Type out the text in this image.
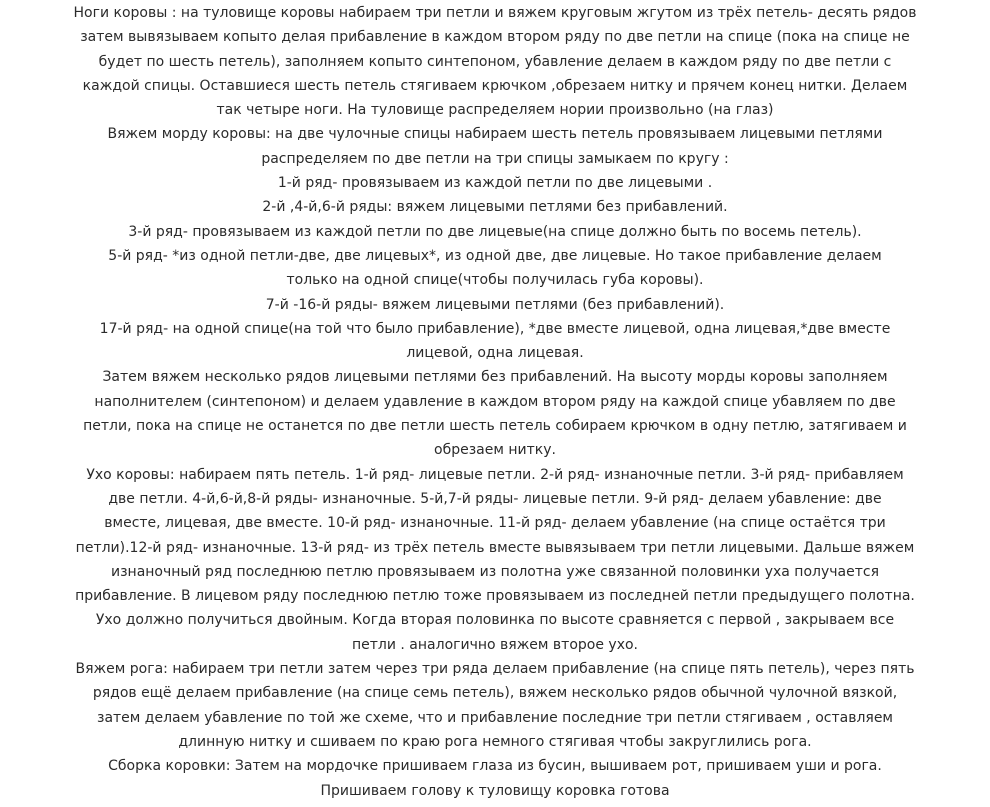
Ноги коровы : на туловище коровы набираем три петли и вяжем круговым жгутом из трёх петель- десять рядов
затем вывязываем копыто делая прибавление в каждом втором ряду по две петли на спице (пока на спице не
будет по шесть петель), заполняем копыто синтепоном, убавление делаем в каждом ряду по две петли с
каждой спицы. Оставшиеся шесть петель стягиваем крючком ,обрезаем нитку и прячем конец нитки. Делаем
так четыре ноги. На туловище распределяем нории произвольно (на глаз)
Вяжем морду коровы: на две чулочные спицы набираем шесть петель провязываем лицевыми петлями
распределяем по две петли на три спицы замыкаем по кругу :
1-й ряд- провязываем из каждой петли по две лицевыми .
2-й ,4-й,6-й ряды: вяжем лицевыми петлями без прибавлений.
3-й ряд- провязываем из каждой петли по две лицевые(на спице должно быть по восемь петель).
5-й ряд- *из одной петли-две, две лицевых*, из одной две, две лицевые. Но такое прибавление делаем
только на одной спице(чтобы получилась губа коровы).
7-й -16-й ряды- вяжем лицевыми петлями (без прибавлений).
17-й ряд- на одной спице(на той что было прибавление), *две вместе лицевой, одна лицевая,*две вместе
лицевой, одна лицевая.
Затем вяжем несколько рядов лицевыми петлями без прибавлений. На высоту морды коровы заполняем
наполнителем (синтепоном) и делаем удавление в каждом втором ряду на каждой спице убавляем по две
петли, пока на спице не останется по две петли шесть петель собираем крючком в одну петлю, затягиваем и
обрезаем нитку.
Ухо коровы: набираем пять петель. 1-й ряд- лицевые петли. 2-й ряд- изнаночные петли. 3-й ряд- прибавляем
две петли. 4-й,6-й,8-й ряды- изнаночные. 5-й,7-й ряды- лицевые петли. 9-й ряд- делаем убавление: две
вместе, лицевая, две вместе. 10-й ряд- изнаночные. 11-й ряд- делаем убавление (на спице остаётся три
петли).12-й ряд- изнаночные. 13-й ряд- из трёх петель вместе вывязываем три петли лицевыми. Дальше вяжем
изнаночный ряд последнюю петлю провязываем из полотна уже связанной половинки уха получается
прибавление. В лицевом ряду последнюю петлю тоже провязываем из последней петли предыдущего полотна.
Ухо должно получиться двойным. Когда вторая половинка по высоте сравняется с первой , закрываем все
петли . аналогично вяжем второе ухо.
Вяжем рога: набираем три петли затем через три ряда делаем прибавление (на спице пять петель), через пять
рядов ещё делаем прибавление (на спице семь петель), вяжем несколько рядов обычной чулочной вязкой,
затем делаем убавление по той же схеме, что и прибавление последние три петли стягиваем , оставляем
длинную нитку и сшиваем по краю рога немного стягивая чтобы закруглились рога.
Сборка коровки: Затем на мордочке пришиваем глаза из бусин, вышиваем рот, пришиваем уши и рога.
Пришиваем голову к туловищу коровка готова
